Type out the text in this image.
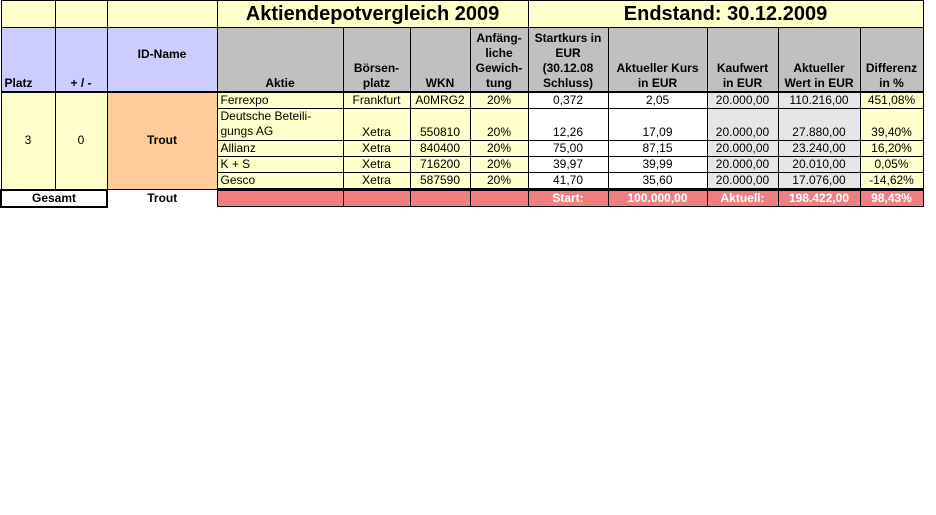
			Aktiendepotvergleich 2009				Endstand: 30.12.2009				
Platz	+ / -	ID-Name	Aktie	Börsen-platz	WKN	Anfäng-liche Gewich-tung	Startkurs in EUR (30.12.08 Schluss)	Aktueller Kurs in EUR	Kaufwert in EUR	Aktueller Wert in EUR	Differenz in %
3	0	Trout	Ferrexpo	Frankfurt	A0MRG2	20%	0,372	2,05	20.000,00	110.216,00	451,08%
			Deutsche Beteili-gungs AG	Xetra	550810	20%	12,26	17,09	20.000,00	27.880,00	39,40%
			Allianz	Xetra	840400	20%	75,00	87,15	20.000,00	23.240,00	16,20%
			K + S	Xetra	716200	20%	39,97	39,99	20.000,00	20.010,00	0,05%
			Gesco	Xetra	587590	20%	41,70	35,60	20.000,00	17.076,00	-14,62%

Gesamt		Trout					Start:	100.000,00	Aktuell:	198.422,00	98,43%
